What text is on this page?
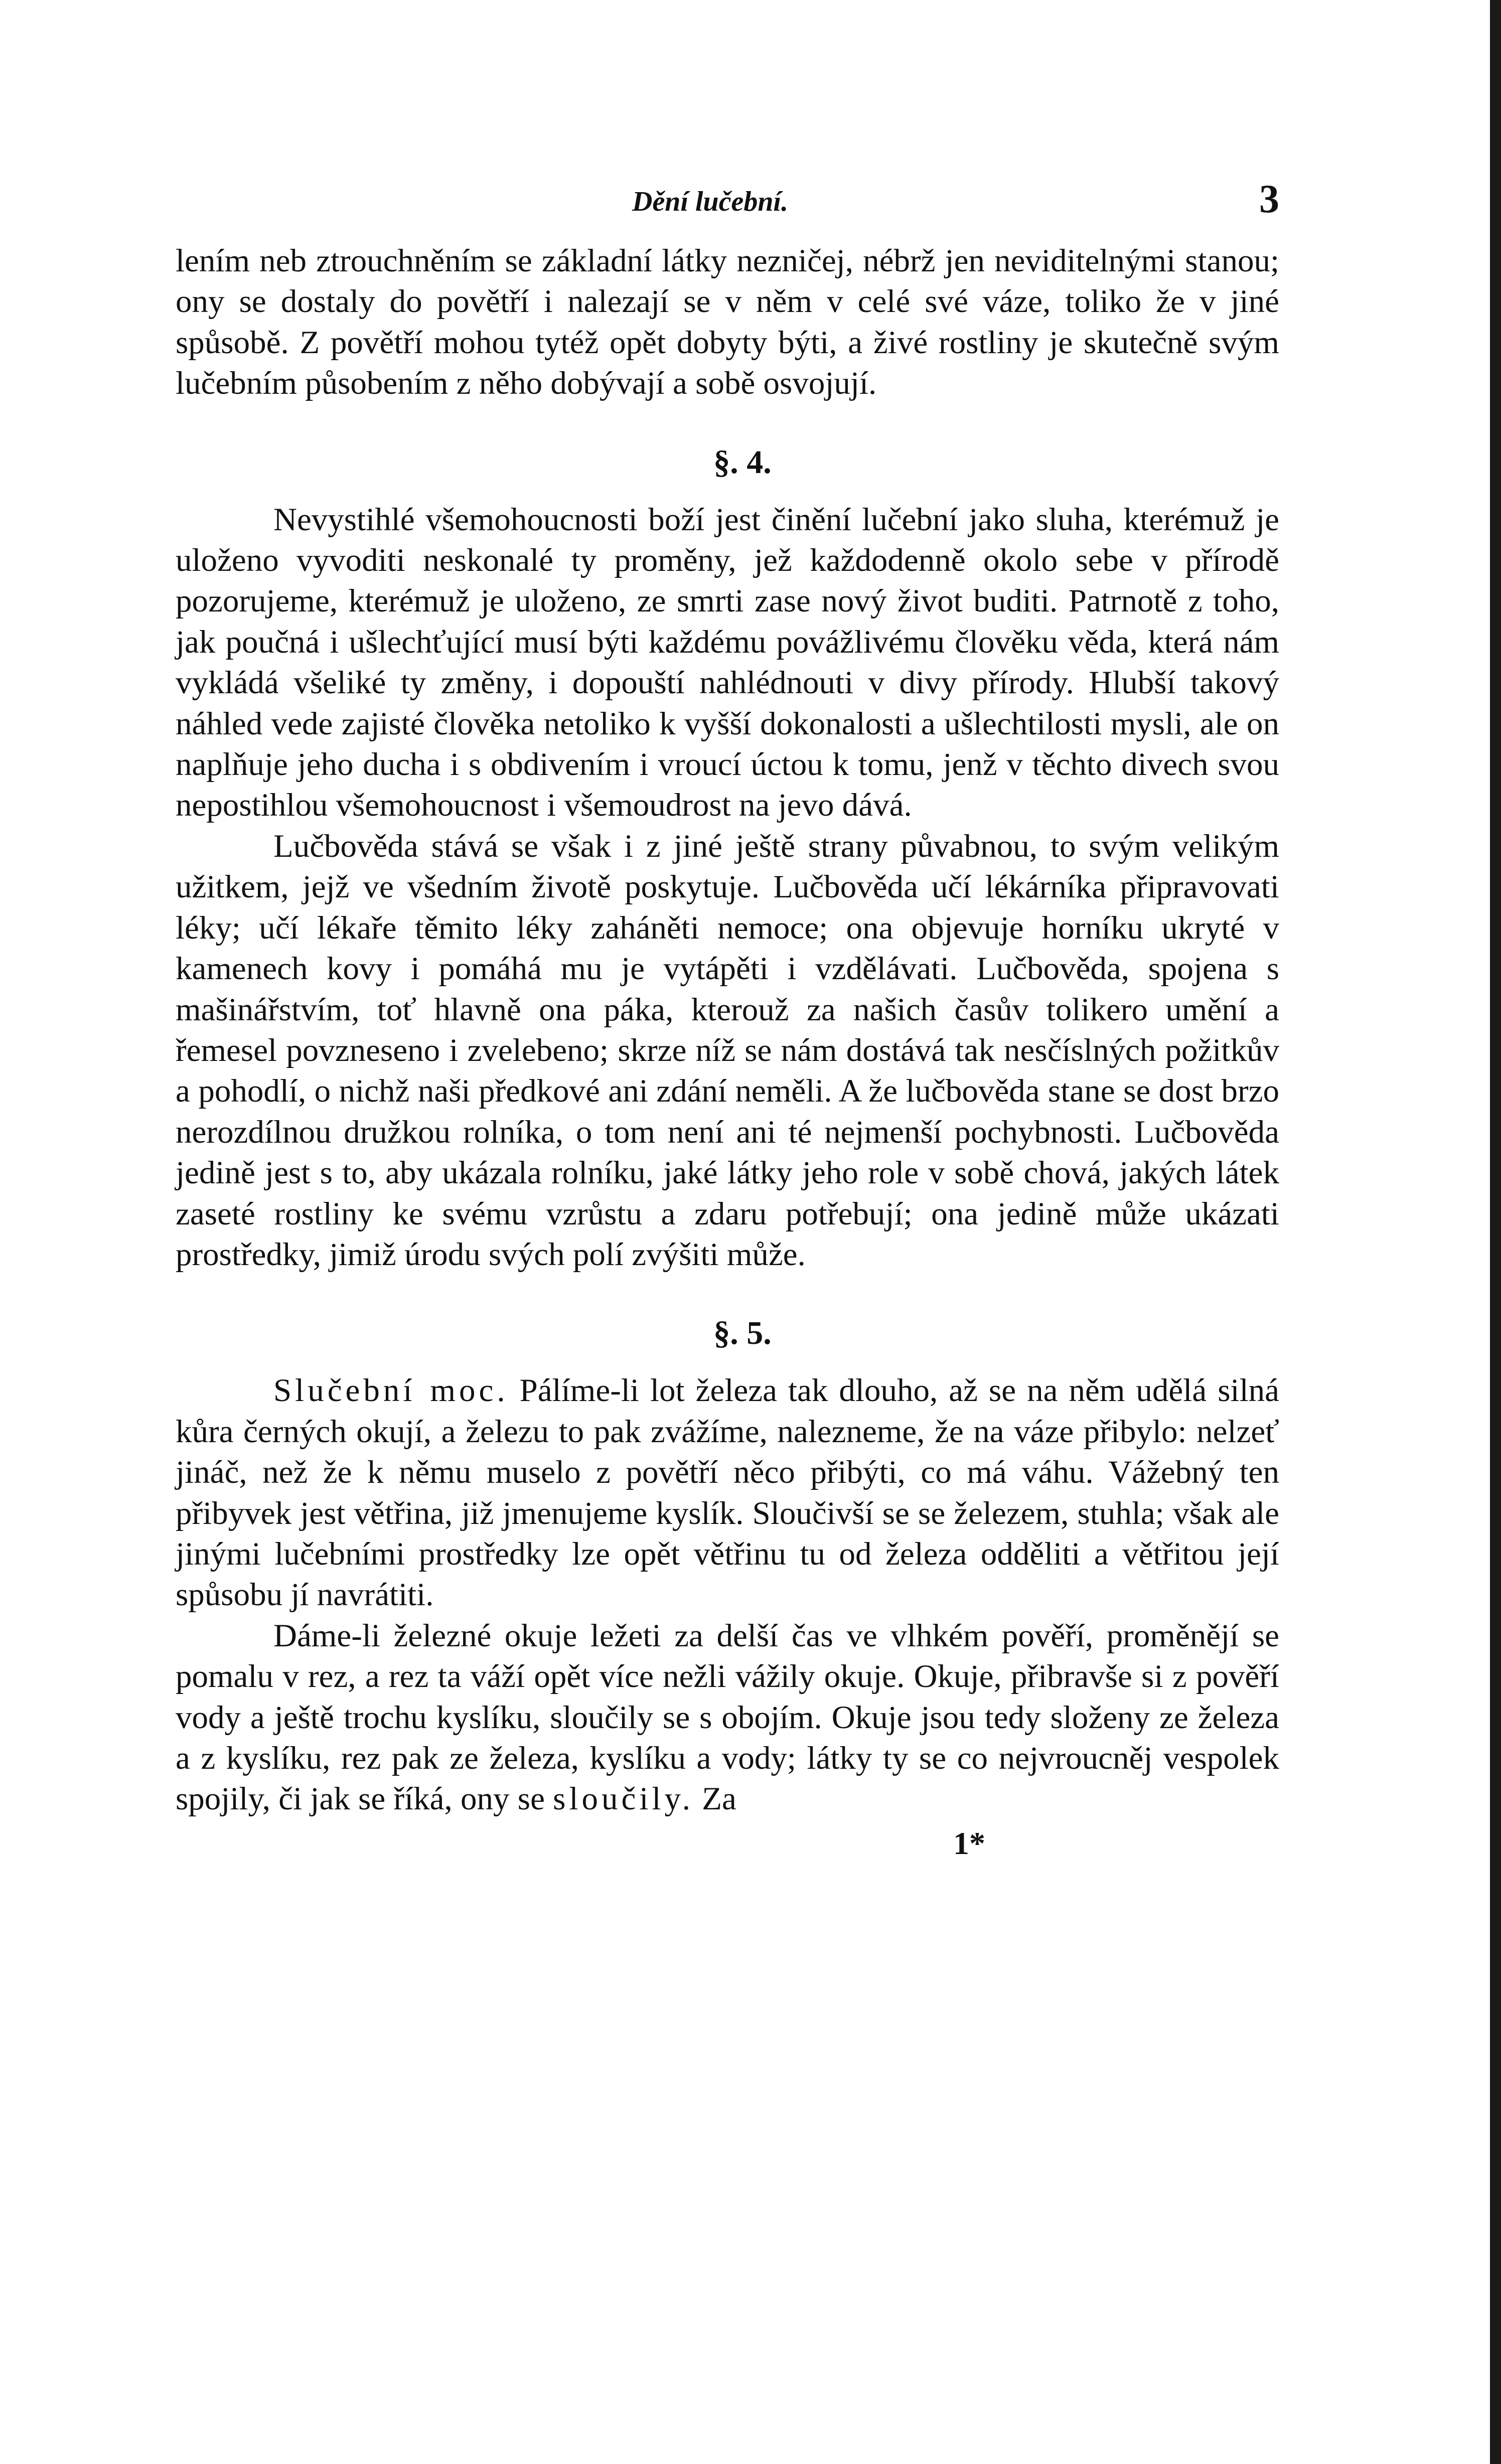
Dění lučební.	3

lením neb ztrouchněním se základní látky nezničej, nébrž jen neviditelnými stanou; ony se dostaly do povětří i nalezají se v něm v celé své váze, toliko že v jiné spůsobě. Z povětří mohou tytéž opět dobyty býti, a živé rostliny je skutečně svým lučebním působením z něho dobývají a sobě osvojují.

§. 4.

Nevystihlé všemohoucnosti boží jest činění lučební jako sluha, kterémuž je uloženo vyvoditi neskonalé ty proměny, jež každodenně okolo sebe v přírodě pozorujeme, kterémuž je uloženo, ze smrti zase nový život buditi. Patrnotě z toho, jak poučná i ušlechťující musí býti každému povážlivému člověku věda, která nám vykládá všeliké ty změny, i dopouští nahlédnouti v divy přírody. Hlubší takový náhled vede zajisté člověka netoliko k vyšší dokonalosti a ušlechtilosti mysli, ale on naplňuje jeho ducha i s obdivením i vroucí úctou k tomu, jenž v těchto divech svou nepostihlou všemohoucnost i všemoudrost na jevo dává.

Lučbověda stává se však i z jiné ještě strany půvabnou, to svým velikým užitkem, jejž ve všedním životě poskytuje. Lučbověda učí lékárníka připravovati léky; učí lékaře těmito léky zaháněti nemoce; ona objevuje horníku ukryté v kamenech kovy i pomáhá mu je vytápěti i vzdělávati. Lučbověda, spojena s mašinářstvím, toť hlavně ona páka, kterouž za našich časův tolikero umění a řemesel povzneseno i zvelebeno; skrze níž se nám dostává tak nesčíslných požitkův a pohodlí, o nichž naši předkové ani zdání neměli. A že lučbověda stane se dost brzo nerozdílnou družkou rolníka, o tom není ani té nejmenší pochybnosti. Lučbověda jedině jest s to, aby ukázala rolníku, jaké látky jeho role v sobě chová, jakých látek zaseté rostliny ke svému vzrůstu a zdaru potřebují; ona jedině může ukázati prostředky, jimiž úrodu svých polí zvýšiti může.

§. 5.

Slučební moc. Pálíme-li lot železa tak dlouho, až se na něm udělá silná kůra černých okují, a železu to pak zvážíme, nalezneme, že na váze přibylo: nelzeť jináč, než že k němu muselo z povětří něco přibýti, co má váhu. Vážebný ten přibyvek jest větřina, již jmenujeme kyslík. Sloučivší se se železem, stuhla; však ale jinými lučebními prostředky lze opět větřinu tu od železa odděliti a větřitou její spůsobu jí navrátiti.

Dáme-li železné okuje ležeti za delší čas ve vlhkém pověří, proměnějí se pomalu v rez, a rez ta váží opět více nežli vážily okuje. Okuje, přibravše si z pověří vody a ještě trochu kyslíku, sloučily se s obojím. Okuje jsou tedy složeny ze železa a z kyslíku, rez pak ze železa, kyslíku a vody; látky ty se co nejvroucněj vespolek spojily, či jak se říká, ony se sloučily. Za

1*
